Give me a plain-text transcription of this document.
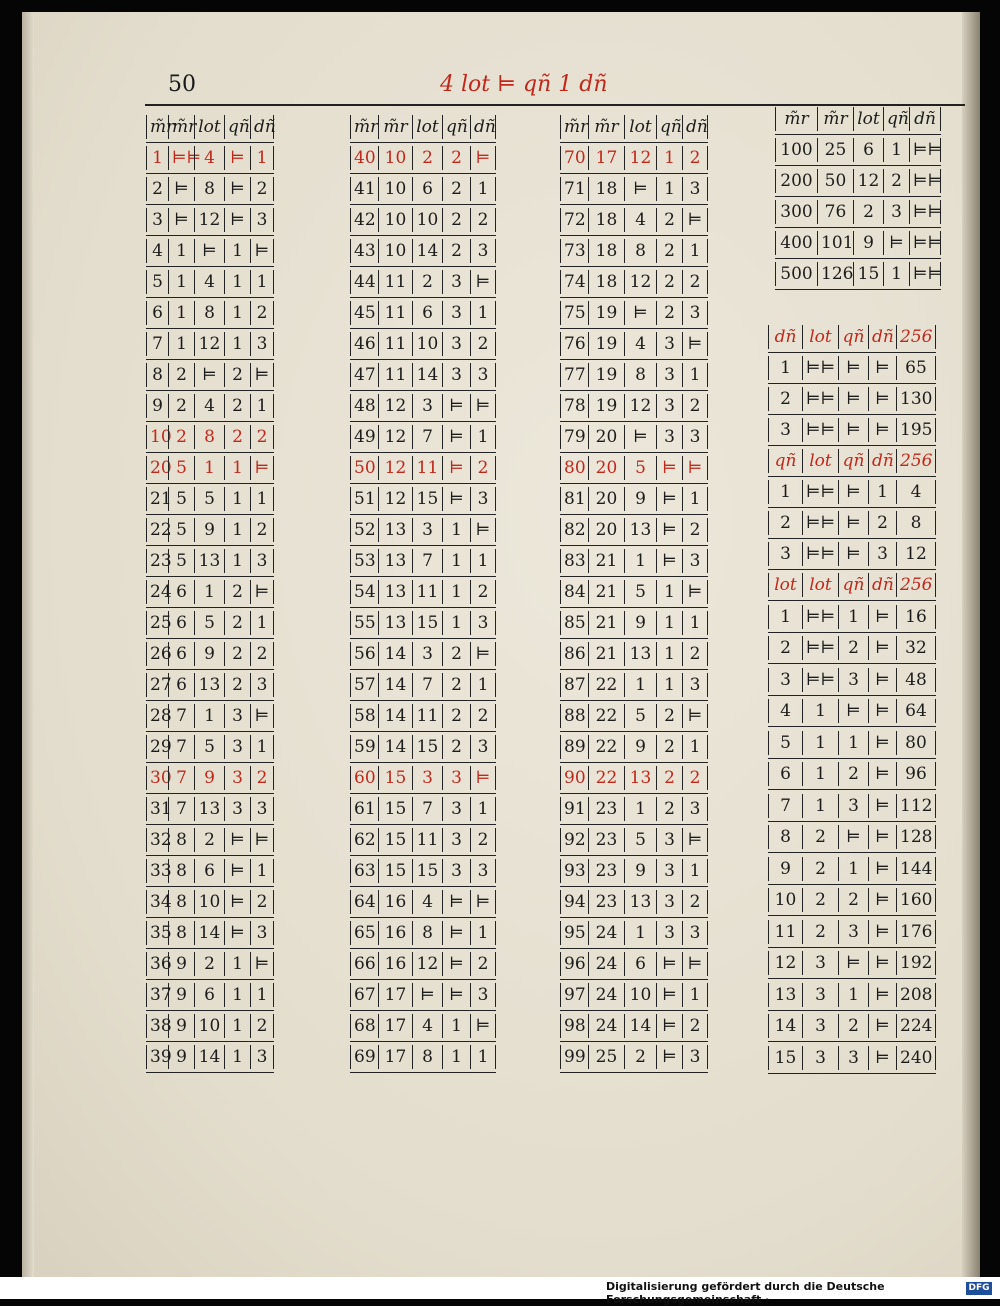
50	4 lot ⊨ qñ 1 dñ
m̃r
m̃r lot qñ dñ
1 ⊨⊨ 4 ⊨ 1
2 ⊨ 8 ⊨ 2
3 ⊨ 12 ⊨ 3
4 1 ⊨ 1 ⊨
5 1	4	1 1
6 1	8	1 2
7 1 12 1 3
8 2 ⊨ 2 ⊨
9 2	4	2 1
10 2	8	2 2
20 5	1	1 ⊨
21 5	5	1 1
22 5	9	1 2
23 5 13 1 3
24 6	1	2 ⊨
25 6	5	2 1
26 6	9	2 2
27 6 13 2 3
28 7	1	3 ⊨
29 7	5	3 1
30 7	9	3 2
31 7 13 3 3
32 8	2 ⊨ ⊨
33 8	6 ⊨ 1
34 8 10 ⊨ 2
35 8 14 ⊨ 3
36 9	2	1 ⊨
37 9	6	1 1
38 9 10 1 2
39 9 14 1 3
m̃r m̃r lot qñ dñ
40 10 2	2 ⊨
41 10 6	2 1
42 10 10 2 2
43 10 14 2 3
44 11 2	3 ⊨
45 11 6	3 1
46 11 10 3 2
47 11 14 3 3
48 12 3 ⊨ ⊨
49 12 7 ⊨ 1
50 12 11 ⊨ 2
51 12 15 ⊨ 3
52 13 3	1 ⊨
53 13 7	1 1
54 13 11 1 2
55 13 15 1 3
56 14 3	2 ⊨
57 14 7	2 1
58 14 11 2 2
59 14 15 2 3
60 15 3	3 ⊨
61 15 7	3 1
62 15 11 3 2
63 15 15 3 3
64 16 4 ⊨ ⊨
65 16 8 ⊨ 1
66 16 12 ⊨ 2
67 17 ⊨ ⊨ 3
68 17 4	1 ⊨
69 17 8	1 1
m̃r m̃r lot qñ dñ
70 17 12 1 2
71 18 ⊨ 1 3
72 18	4	2 ⊨
73 18	8	2 1
74 18 12 2 2
75 19 ⊨ 2 3
76 19	4	3 ⊨
77 19	8	3 1
78 19 12 3 2
79 20 ⊨ 3 3
80 20	5 ⊨ ⊨
81 20	9 ⊨ 1
82 20 13 ⊨ 2
83 21	1 ⊨ 3
84 21	5	1 ⊨
85 21	9	1 1
86 21 13 1 2
87 22	1	1 3
88 22	5	2 ⊨
89 22	9	2 1
90 22 13 2 2
91 23	1	2 3
92 23	5	3 ⊨
93 23	9	3 1
94 23 13 3 2
95 24	1	3 3
96 24	6 ⊨ ⊨
97 24 10 ⊨ 1
98 24 14 ⊨ 2
99 25	2 ⊨ 3
m̃r m̃r lot qñ dñ
100 25 6	1 ⊨⊨
200 50 12 2 ⊨⊨
300 76 2	3 ⊨⊨
400 101 9 ⊨ ⊨⊨
500 126 15 1 ⊨⊨
dñ lot qñ dñ 256
1 ⊨⊨ ⊨ ⊨ 65
2 ⊨⊨ ⊨ ⊨ 130
3 ⊨⊨ ⊨ ⊨ 195
qñ lot qñ dñ 256
1 ⊨⊨ ⊨ 1	4
2 ⊨⊨ ⊨ 2	8
3 ⊨⊨ ⊨ 3	12
lot lot qñ dñ 256
1 ⊨⊨ 1 ⊨ 16
2 ⊨⊨ 2 ⊨ 32
3 ⊨⊨ 3 ⊨ 48
4	1	⊨ ⊨ 64
5	1	1 ⊨ 80
6	1	2 ⊨ 96
7	1	3 ⊨ 112
8	2	⊨ ⊨ 128
9	2	1 ⊨ 144
10	2	2 ⊨ 160
11	2	3 ⊨ 176
12	3	⊨ ⊨ 192
13	3	1 ⊨ 208
14	3	2 ⊨ 224
15	3	3 ⊨ 240
Digitalisierung gefördert durch die Deutsche Forschungsgemeinschaft ·
DFG
